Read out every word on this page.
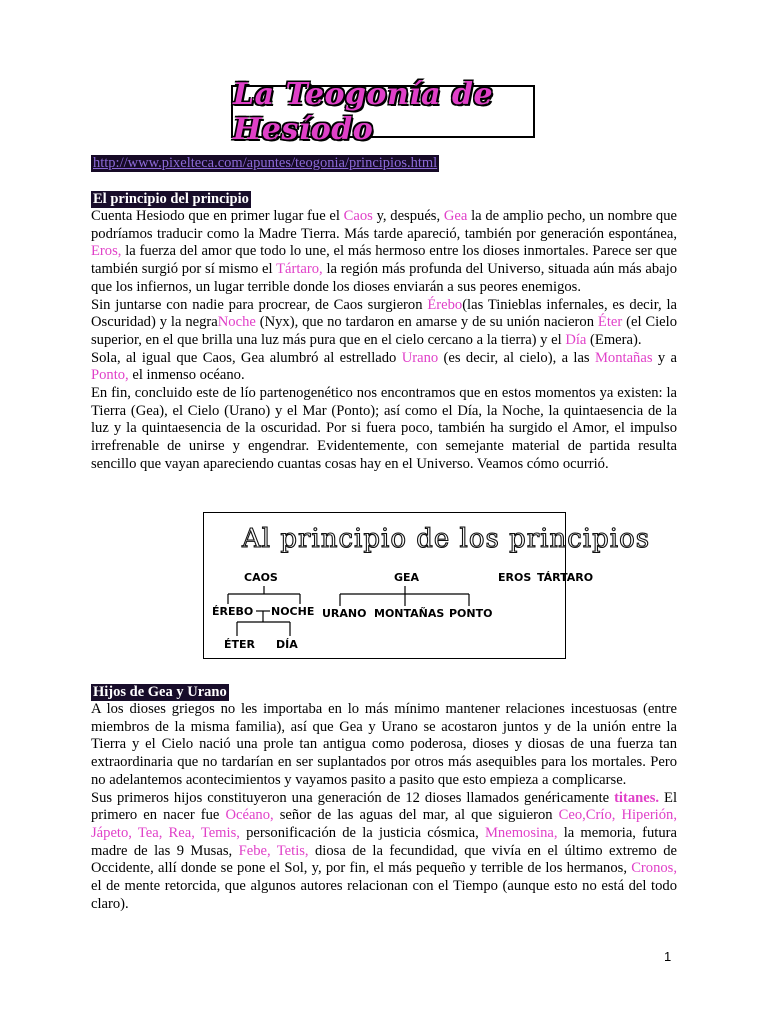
La Teogonía de Hesíodo
http://www.pixelteca.com/apuntes/teogonia/principios.html
El principio del principio

Cuenta Hesiodo que en primer lugar fue el Caos y, después, Gea la de amplio pecho, un nombre que podríamos traducir como la Madre Tierra. Más tarde apareció, también por generación espontánea, Eros, la fuerza del amor que todo lo une, el más hermoso entre los dioses inmortales. Parece ser que también surgió por sí mismo el Tártaro, la región más profunda del Universo, situada aún más abajo que los infiernos, un lugar terrible donde los dioses enviarán a sus peores enemigos.

Sin juntarse con nadie para procrear, de Caos surgieron Érebo(las Tinieblas infernales, es decir, la Oscuridad) y la negraNoche (Nyx), que no tardaron en amarse y de su unión nacieron Éter (el Cielo superior, en el que brilla una luz más pura que en el cielo cercano a la tierra) y el Día (Emera).

Sola, al igual que Caos, Gea alumbró al estrellado Urano (es decir, al cielo), a las Montañas y a Ponto, el inmenso océano.

En fin, concluido este de lío partenogenético nos encontramos que en estos momentos ya existen: la Tierra (Gea), el Cielo (Urano) y el Mar (Ponto); así como el Día, la Noche, la quintaesencia de la luz y la quintaesencia de la oscuridad. Por si fuera poco, también ha surgido el Amor, el impulso irrefrenable de unirse y engendrar. Evidentemente, con semejante material de partida resulta sencillo que vayan apareciendo cuantas cosas hay en el Universo. Veamos cómo ocurrió.

Al principio de los principios
CAOS	GEA	EROS TÁRTARO
ÉREBO NOCHE URANO MONTAÑAS PONTO
ÉTER DÍA
Hijos de Gea y Urano

A los dioses griegos no les importaba en lo más mínimo mantener relaciones incestuosas (entre miembros de la misma familia), así que Gea y Urano se acostaron juntos y de la unión entre la Tierra y el Cielo nació una prole tan antigua como poderosa, dioses y diosas de una fuerza tan extraordinaria que no tardarían en ser suplantados por otros más asequibles para los mortales. Pero no adelantemos acontecimientos y vayamos pasito a pasito que esto empieza a complicarse.

Sus primeros hijos constituyeron una generación de 12 dioses llamados genéricamente titanes. El primero en nacer fue Océano, señor de las aguas del mar, al que siguieron Ceo,Crío, Hiperión, Jápeto, Tea, Rea, Temis, personificación de la justicia cósmica, Mnemosina, la memoria, futura madre de las 9 Musas, Febe, Tetis, diosa de la fecundidad, que vivía en el último extremo de Occidente, allí donde se pone el Sol, y, por fin, el más pequeño y terrible de los hermanos, Cronos, el de mente retorcida, que algunos autores relacionan con el Tiempo (aunque esto no está del todo claro).

1
